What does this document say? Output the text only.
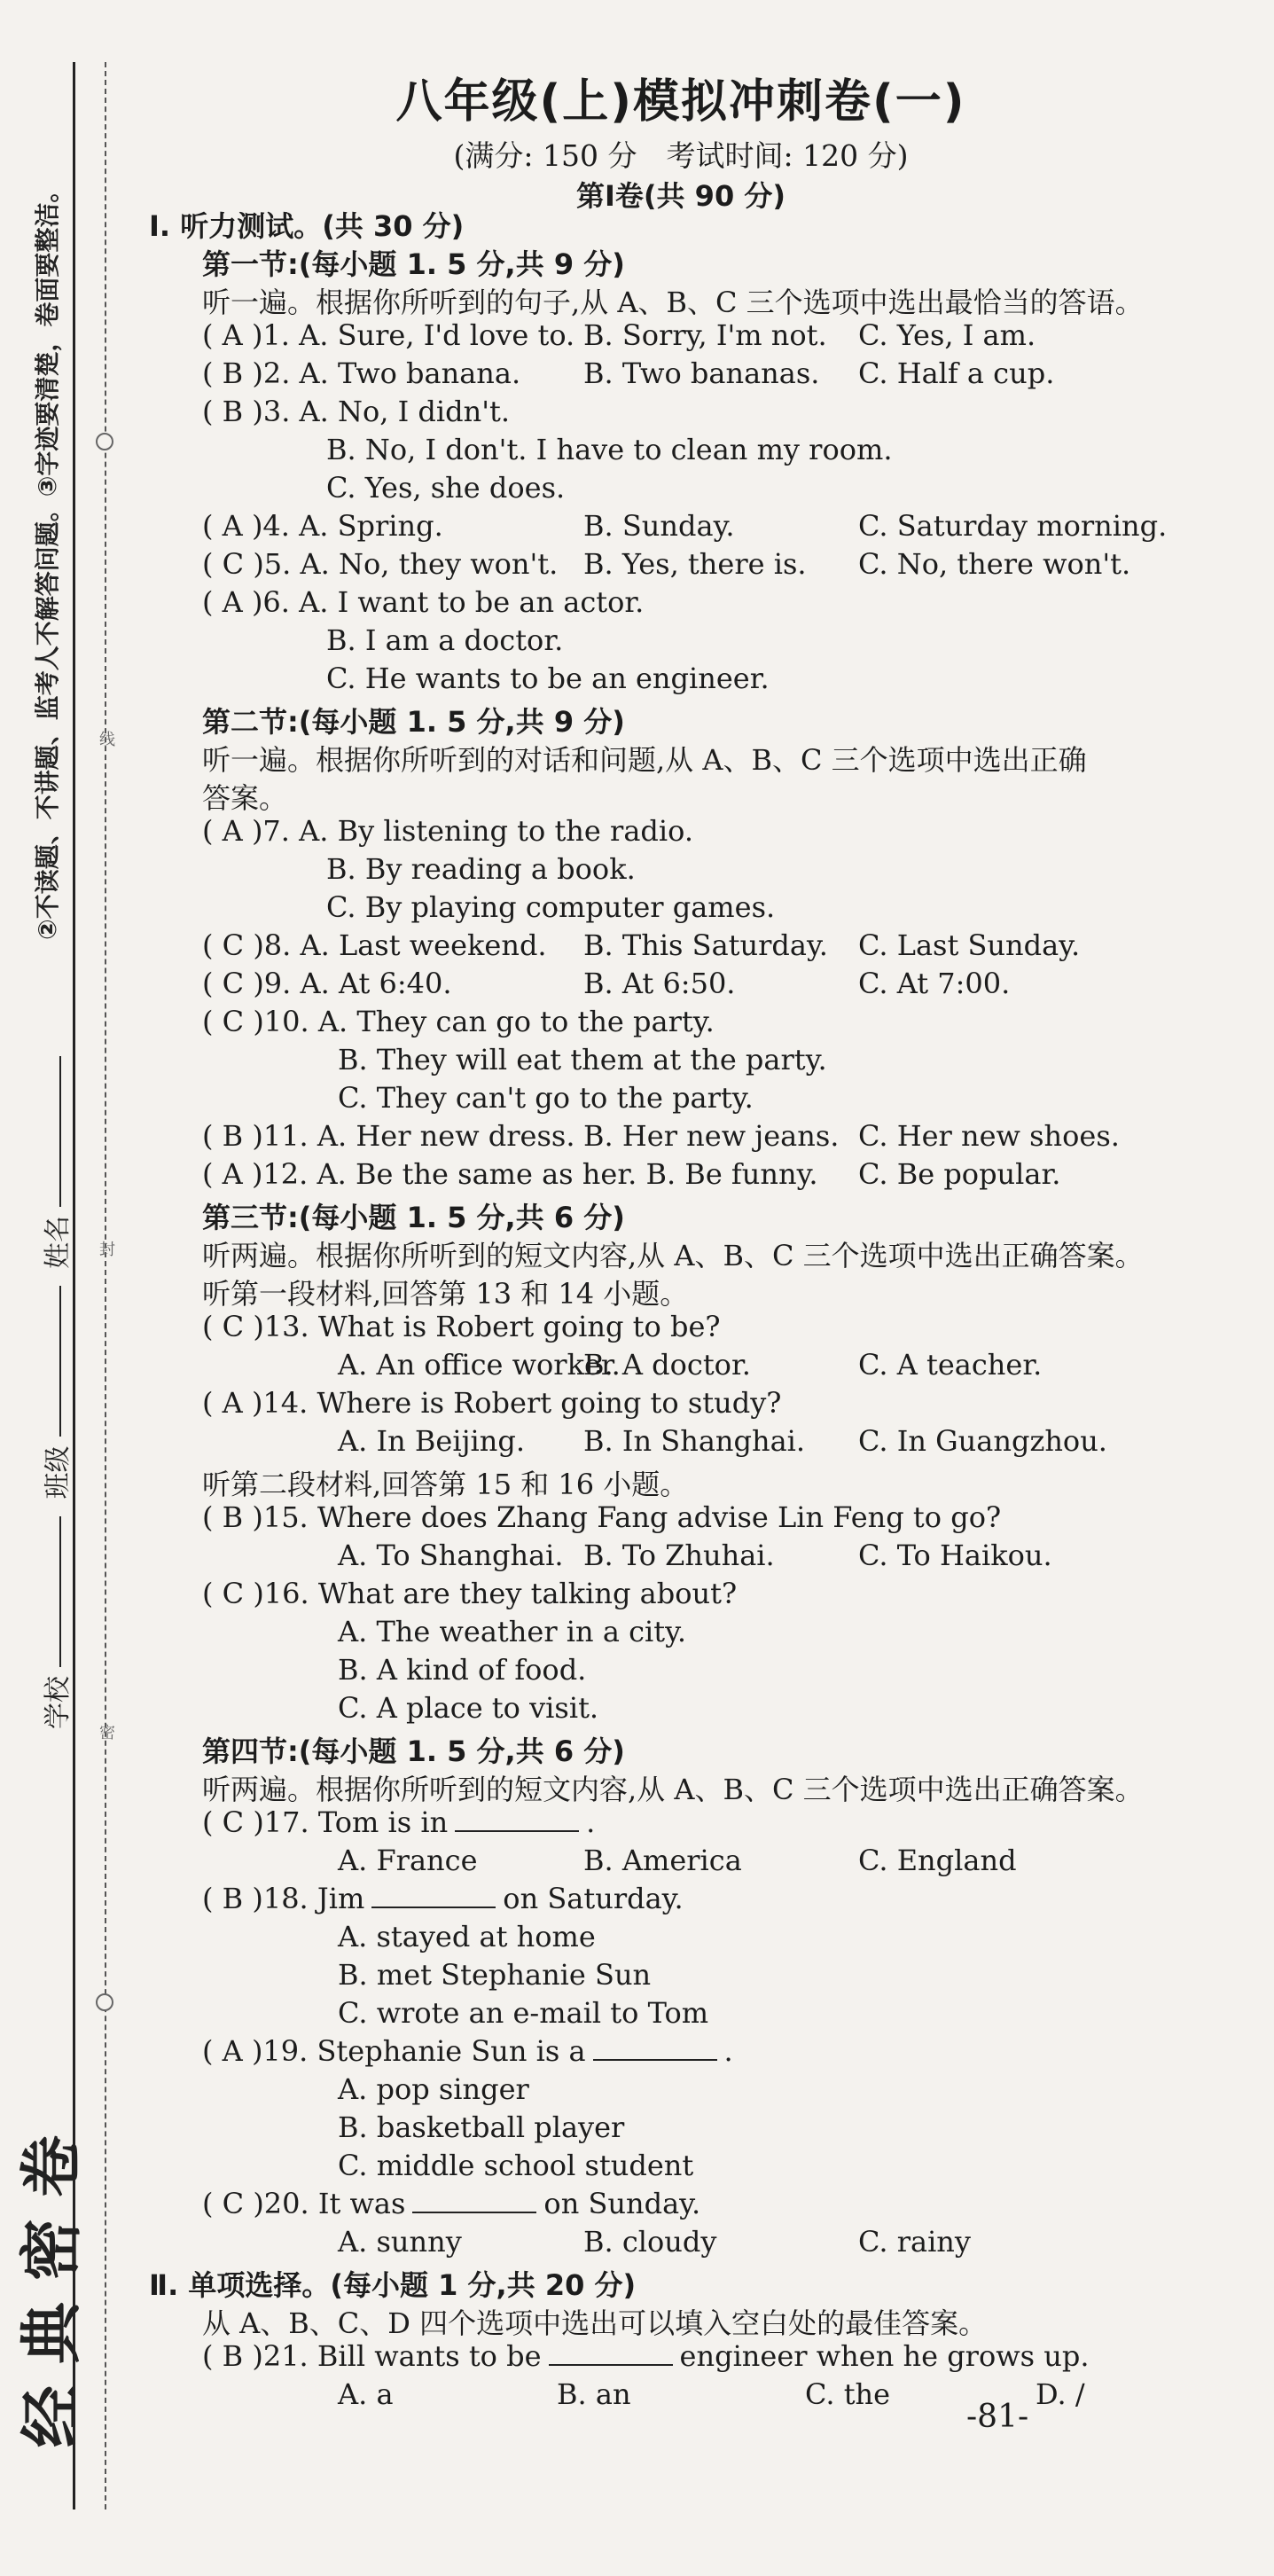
②不读题、不讲题、监考人不解答问题。③字迹要清楚，卷面要整洁。
学校 班级 姓名
线
封
密
经典密卷
八年级(上)模拟冲刺卷(一)
(满分: 150 分　考试时间: 120 分)
第Ⅰ卷(共 90 分)
Ⅰ. 听力测试。(共 30 分)
第一节:(每小题 1. 5 分,共 9 分)
听一遍。根据你所听到的句子,从 A、B、C 三个选项中选出最恰当的答语。
( A )1. A. Sure, I'd love to. B. Sorry, I'm not. C. Yes, I am.
( B )2. A. Two banana. B. Two bananas. C. Half a cup.
( B )3. A. No, I didn't.
B. No, I don't. I have to clean my room.
C. Yes, she does.
( A )4. A. Spring.	B. Sunday.	C. Saturday morning.
( C )5. A. No, they won't. B. Yes, there is. C. No, there won't.
( A )6. A. I want to be an actor.
B. I am a doctor.
C. He wants to be an engineer.
第二节:(每小题 1. 5 分,共 9 分)
听一遍。根据你所听到的对话和问题,从 A、B、C 三个选项中选出正确
答案。
( A )7. A. By listening to the radio.
B. By reading a book.
C. By playing computer games.
( C )8. A. Last weekend. B. This Saturday. C. Last Sunday.
( C )9. A. At 6:40.	B. At 6:50.	C. At 7:00.
( C )10. A. They can go to the party.
B. They will eat them at the party.
C. They can't go to the party.
( B )11. A. Her new dress. B. Her new jeans. C. Her new shoes.
( A )12. A. Be the same as her. B. Be funny. C. Be popular.
第三节:(每小题 1. 5 分,共 6 分)
听两遍。根据你所听到的短文内容,从 A、B、C 三个选项中选出正确答案。
听第一段材料,回答第 13 和 14 小题。
( C )13. What is Robert going to be?
A. An office worker.
B. A doctor.	C. A teacher.
( A )14. Where is Robert going to study?
A. In Beijing. B. In Shanghai. C. In Guangzhou.
听第二段材料,回答第 15 和 16 小题。
( B )15. Where does Zhang Fang advise Lin Feng to go?
A. To Shanghai. B. To Zhuhai.	C. To Haikou.
( C )16. What are they talking about?
A. The weather in a city.
B. A kind of food.
C. A place to visit.
第四节:(每小题 1. 5 分,共 6 分)
听两遍。根据你所听到的短文内容,从 A、B、C 三个选项中选出正确答案。
( C )17. Tom is in	.
A. France	B. America	C. England
( B )18. Jim	on Saturday.
A. stayed at home
B. met Stephanie Sun
C. wrote an e-mail to Tom
( A )19. Stephanie Sun is a	.
A. pop singer
B. basketball player
C. middle school student
( C )20. It was	on Sunday.
A. sunny	B. cloudy	C. rainy
Ⅱ. 单项选择。(每小题 1 分,共 20 分)
从 A、B、C、D 四个选项中选出可以填入空白处的最佳答案。
( B )21. Bill wants to be	engineer when he grows up.
A. a	B. an	C. the	D. /
-81-
